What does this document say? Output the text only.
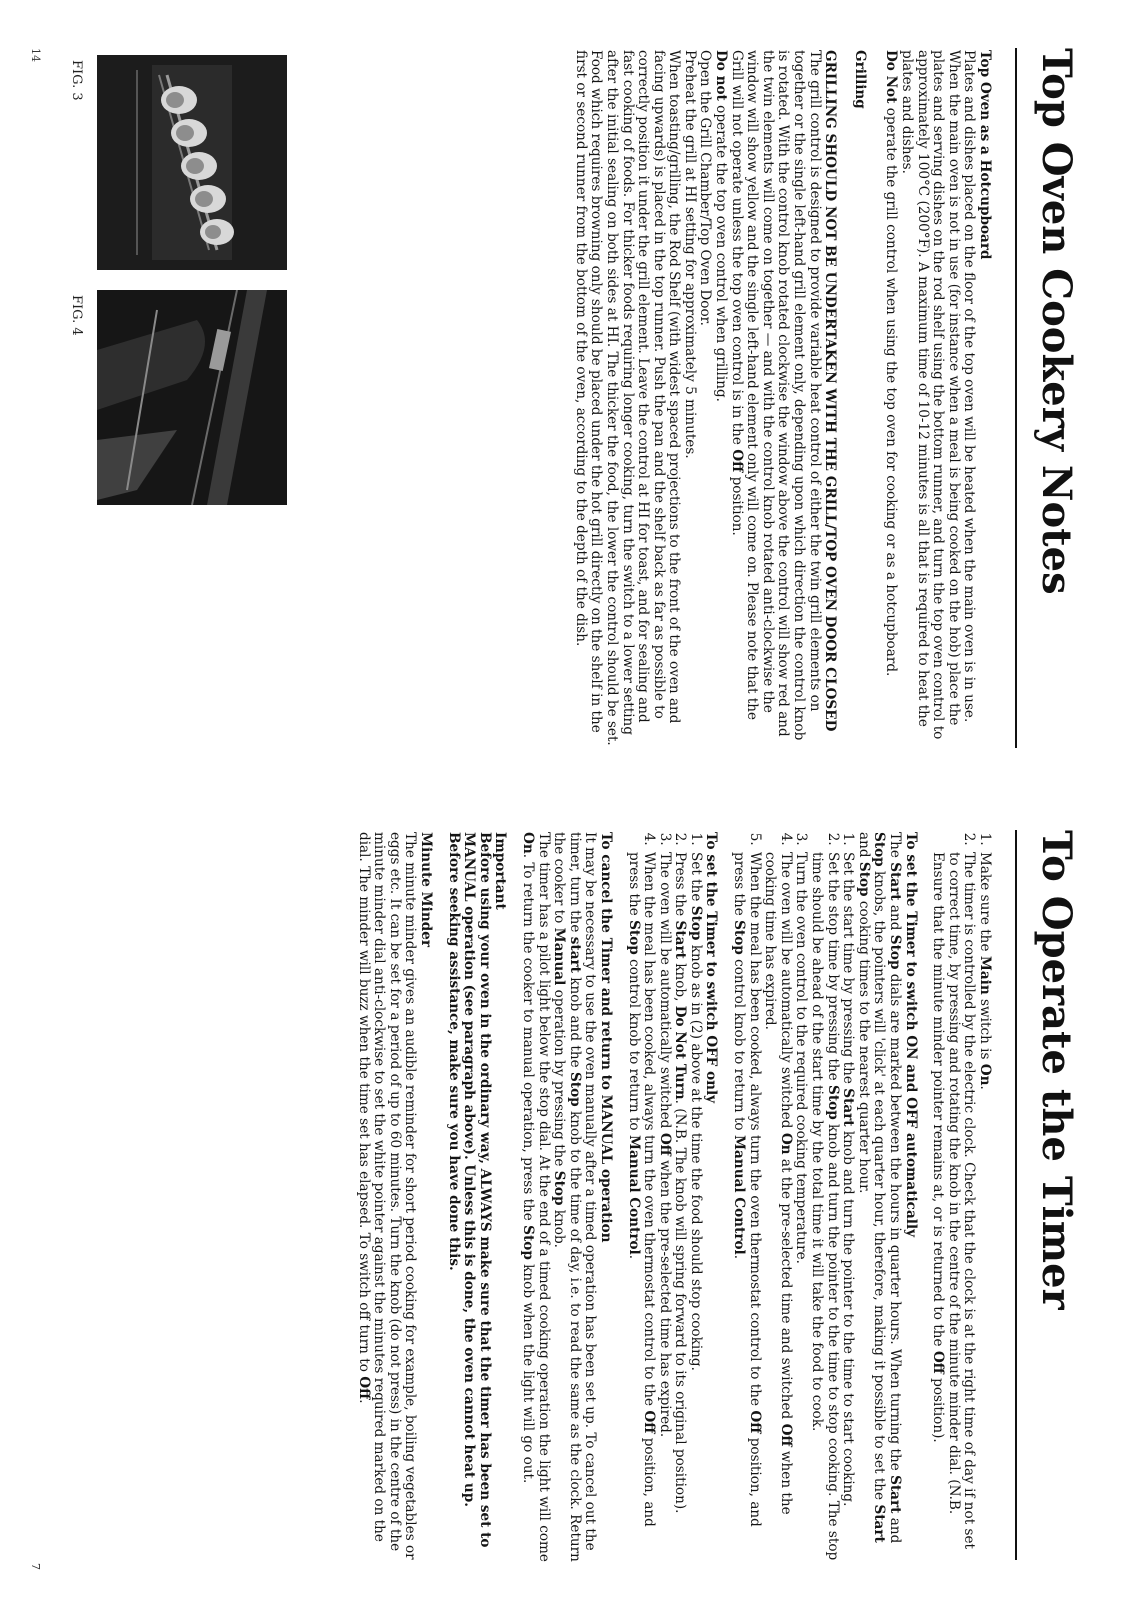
Top Oven Cookery Notes

Top Oven as a Hotcupboard

Plates and dishes placed on the floor of the top oven will be heated when the main oven is in use. When the main oven is not in use (for instance when a meal is being cooked on the hob) place the plates and serving dishes on the rod shelf using the bottom runner, and turn the top oven control to approximately 100°C (200°F). A maximum time of 10-12 minutes is all that is required to heat the plates and dishes.
Do Not operate the grill control when using the top oven for cooking or as a hotcupboard.

Grilling

GRILLING SHOULD NOT BE UNDERTAKEN WITH THE GRILL/TOP OVEN DOOR CLOSED

The grill control is designed to provide variable heat control of either the twin grill elements on together or the single left-hand grill element only, depending upon which direction the control knob is rotated. With the control knob rotated clockwise the window above the control will show red and the twin elements will come on together — and with the control knob rotated anti-clockwise the window will show yellow and the single left-hand element only will come on. Please note that the Grill will not operate unless the top oven control is in the Off position.

Do not operate the top oven control when grilling.

Open the Grill Chamber/Top Oven Door.

Preheat the grill at HI setting for approximately 5 minutes.

When toasting/grilling, the Rod Shelf (with widest spaced projections to the front of the oven and facing upwards) is placed in the top runner. Push the pan and the shelf back as far as possible to correctly position it under the grill element. Leave the control at HI for toast, and for sealing and fast cooking of foods. For thicker foods requiring longer cooking, turn the switch to a lower setting after the initial sealing on both sides at HI. The thicker the food, the lower the control should be set.

Food which requires browning only should be placed under the hot grill directly on the shelf in the first or second runner from the bottom of the oven, according to the depth of the dish.

FIG. 3
FIG. 4
14
To Operate the Timer
1. Make sure the Main switch is On.
2. The timer is controlled by the electric clock. Check that the clock is at the right time of day if not set to correct time, by pressing and rotating the knob in the centre of the minute minder dial. (N.B. Ensure that the minute minder pointer remains at, or is returned to the Off position).

To set the Timer to switch ON and OFF automatically

The Start and Stop dials are marked between the hours in quarter hours. When turning the Start and Stop knobs, the pointers will 'click' at each quarter hour, therefore, making it possible to set the Start and Stop cooking times to the nearest quarter hour.

1. Set the start time by pressing the Start knob and turn the pointer to the time to start cooking.
2. Set the stop time by pressing the Stop knob and turn the pointer to the time to stop cooking. The stop time should be ahead of the start time by the total time it will take the food to cook.
3. Turn the oven control to the required cooking temperature.
4. The oven will be automatically switched On at the pre-selected time and switched Off when the cooking time has expired.
5. When the meal has been cooked, always turn the oven thermostat control to the Off position, and press the Stop control knob to return to Manual Control.

To set the Timer to switch OFF only

1. Set the Stop knob as in (2) above at the time the food should stop cooking.
2. Press the Start knob, Do Not Turn. (N.B. The knob will spring forward to its original position).
3. The oven will be automatically switched Off when the pre-selected time has expired.
4. When the meal has been cooked, always turn the oven thermostat control to the Off position, and press the Stop control knob to return to Manual Control.

To cancel the Timer and return to MANUAL operation

It may be necessary to use the oven manually after a timed operation has been set up. To cancel out the timer, turn the start knob and the Stop knob to the time of day, i.e. to read the same as the clock. Return the cooker to Manual operation by pressing the Stop knob.

The timer has a pilot light below the stop dial. At the end of a timed cooking operation the light will come On. To return the cooker to manual operation, press the Stop knob when the light will go out.

Important

Before using your oven in the ordinary way, ALWAYS make sure that the timer has been set to MANUAL operation (see paragraph above). Unless this is done, the oven cannot heat up. Before seeking assistance, make sure you have done this.

Minute Minder

The minute minder gives an audible reminder for short period cooking for example, boiling vegetables or eggs etc. It can be set for a period of up to 60 minutes. Turn the knob (do not press) in the centre of the minute minder dial anti-clockwise to set the white pointer against the minutes required marked on the dial. The minder will buzz when the time set has elapsed. To switch off turn to Off.

7
